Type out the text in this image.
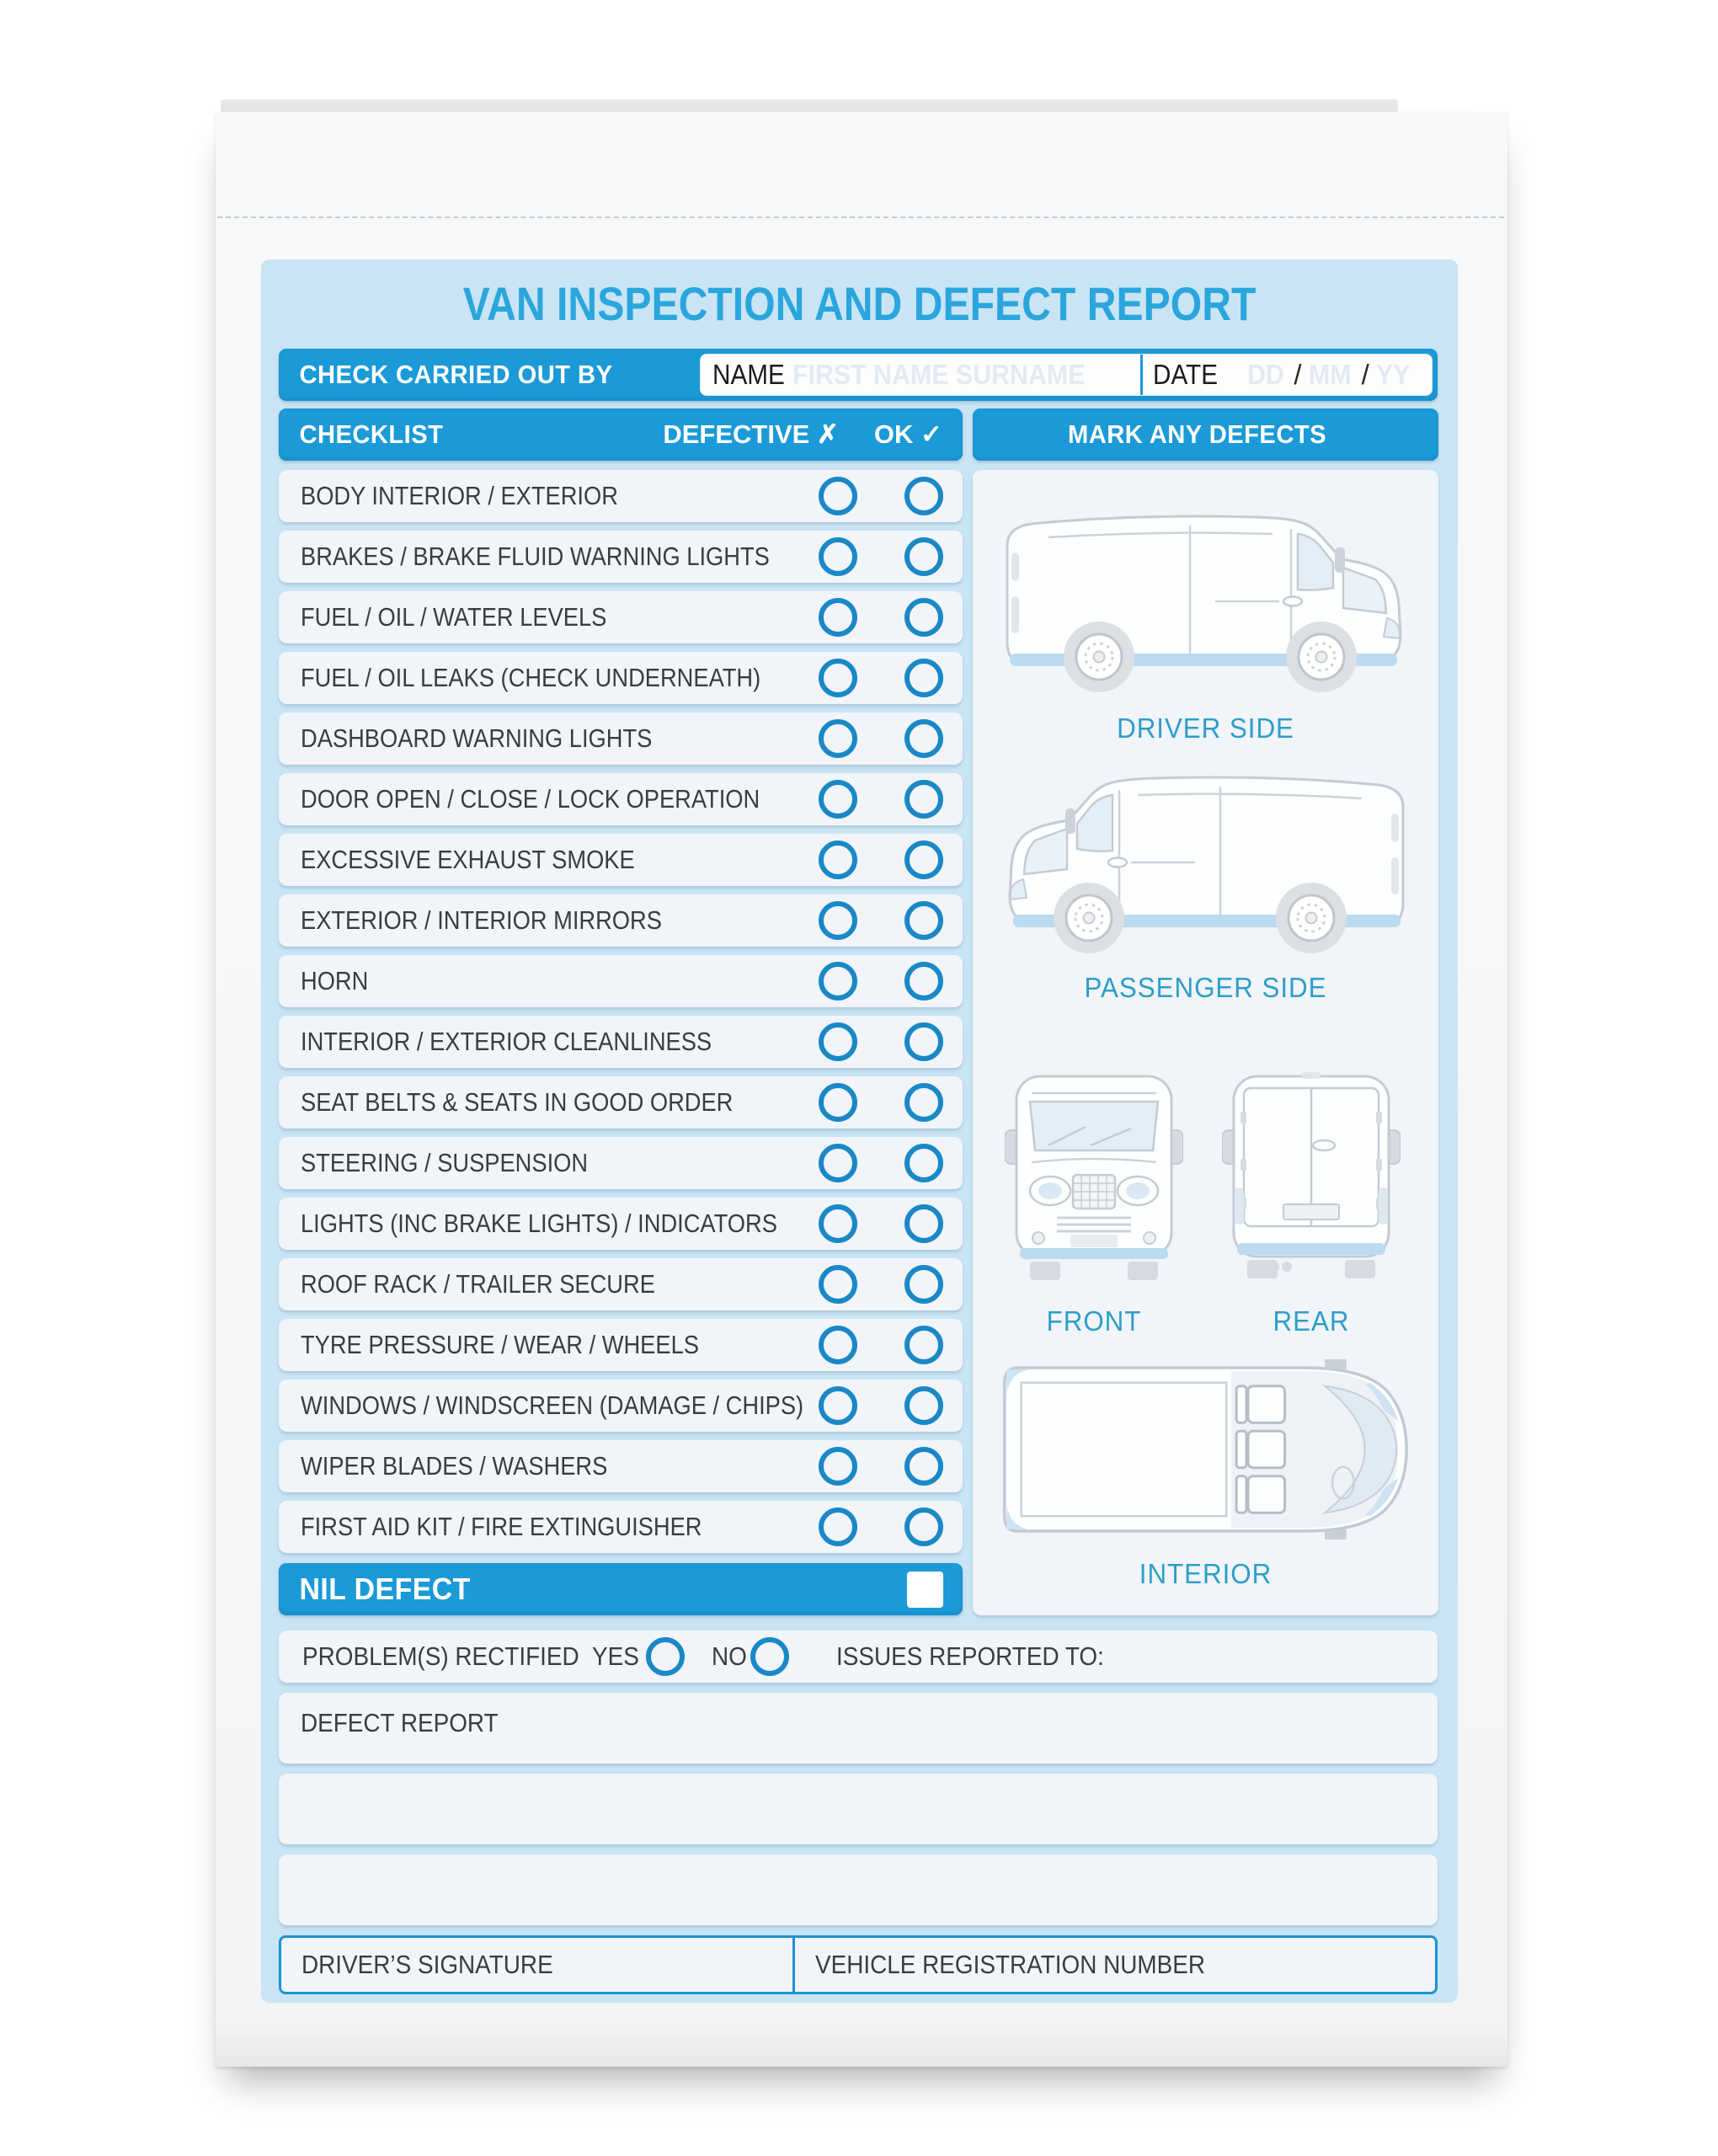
VAN INSPECTION AND DEFECT REPORT
CHECK CARRIED OUT BY	NAME FIRST NAME SURNAME DATE DD / MM / YY
CHECKLIST	DEFECTIVE ✗ OK ✓	MARK ANY DEFECTS
BODY INTERIOR / EXTERIOR
BRAKES / BRAKE FLUID WARNING LIGHTS
FUEL / OIL / WATER LEVELS
FUEL / OIL LEAKS (CHECK UNDERNEATH)
DASHBOARD WARNING LIGHTS
DOOR OPEN / CLOSE / LOCK OPERATION
EXCESSIVE EXHAUST SMOKE
EXTERIOR / INTERIOR MIRRORS
HORN
INTERIOR / EXTERIOR CLEANLINESS
SEAT BELTS & SEATS IN GOOD ORDER
STEERING / SUSPENSION
LIGHTS (INC BRAKE LIGHTS) / INDICATORS
ROOF RACK / TRAILER SECURE
TYRE PRESSURE / WEAR / WHEELS
WINDOWS / WINDSCREEN (DAMAGE / CHIPS)
WIPER BLADES / WASHERS
FIRST AID KIT / FIRE EXTINGUISHER
DRIVER SIDE
PASSENGER SIDE
FRONT	REAR
INTERIOR
NIL DEFECT
PROBLEM(S) RECTIFIED YES	NO	ISSUES REPORTED TO:
DEFECT REPORT
DRIVER’S SIGNATURE	VEHICLE REGISTRATION NUMBER
